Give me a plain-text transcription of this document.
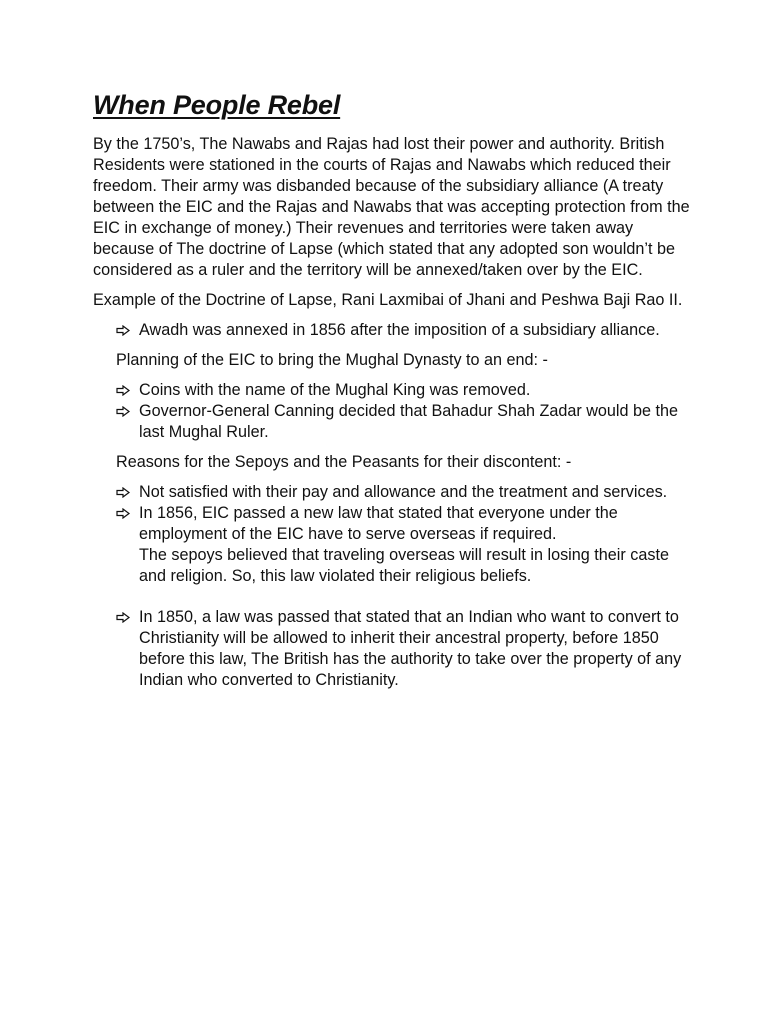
When People Rebel

By the 1750’s, The Nawabs and Rajas had lost their power and authority. British Residents were stationed in the courts of Rajas and Nawabs which reduced their freedom. Their army was disbanded because of the subsidiary alliance (A treaty between the EIC and the Rajas and Nawabs that was accepting protection from the EIC in exchange of money.) Their revenues and territories were taken away because of The doctrine of Lapse (which stated that any adopted son wouldn’t be considered as a ruler and the territory will be annexed/taken over by the EIC.

Example of the Doctrine of Lapse, Rani Laxmibai of Jhani and Peshwa Baji Rao II.

Awadh was annexed in 1856 after the imposition of a subsidiary alliance.

Planning of the EIC to bring the Mughal Dynasty to an end: -

Coins with the name of the Mughal King was removed.
Governor-General Canning decided that Bahadur Shah Zadar would be the last Mughal Ruler.

Reasons for the Sepoys and the Peasants for their discontent: -

Not satisfied with their pay and allowance and the treatment and services.
In 1856, EIC passed a new law that stated that everyone under the employment of the EIC have to serve overseas if required.
The sepoys believed that traveling overseas will result in losing their caste and religion. So, this law violated their religious beliefs.
In 1850, a law was passed that stated that an Indian who want to convert to Christianity will be allowed to inherit their ancestral property, before 1850 before this law, The British has the authority to take over the property of any Indian who converted to Christianity.
